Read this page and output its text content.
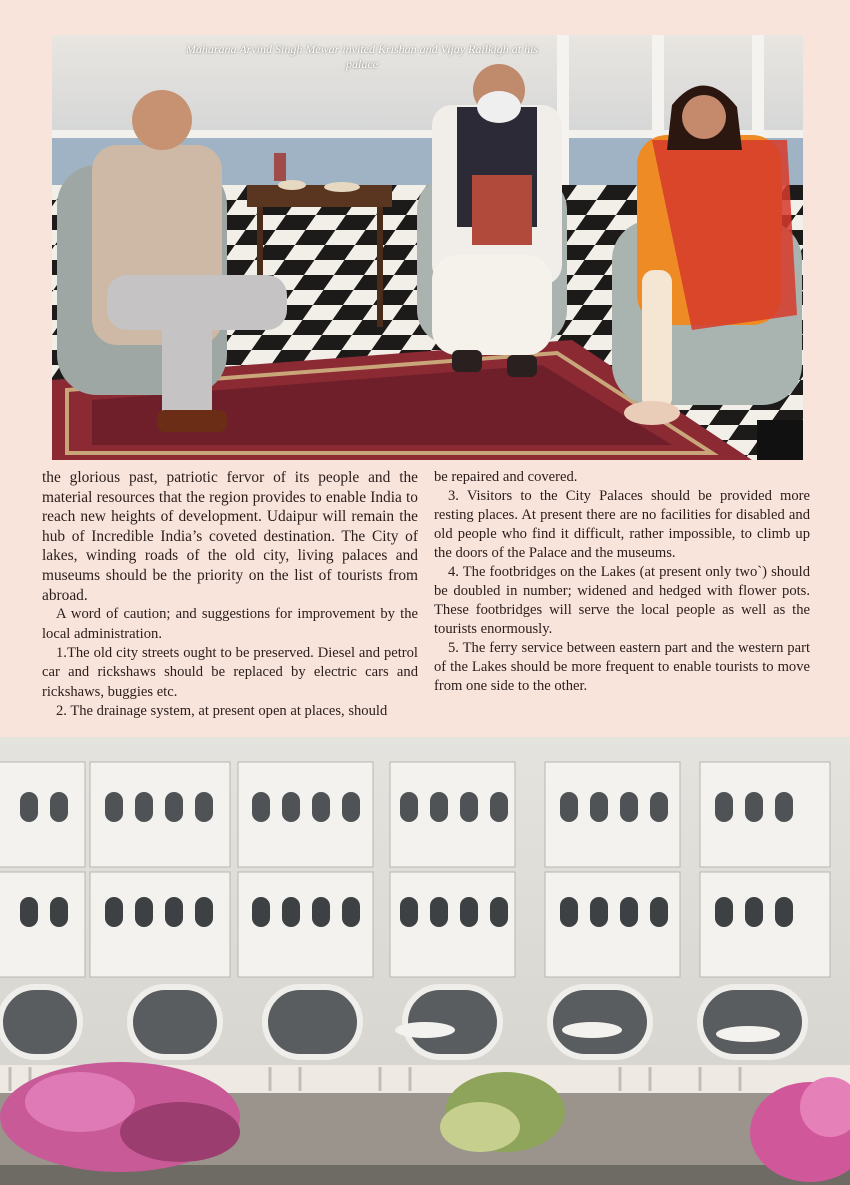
Maharana Arvind Singh Mewar invited Krishan and Vijay Railkigh at his palace

the glorious past, patriotic fervor of its people and the material resources that the region provides to enable India to reach new heights of development. Udaipur will remain the hub of Incredible India’s coveted destination. The City of lakes, winding roads of the old city, living palaces and museums should be the priority on the list of tourists from abroad.

A word of caution; and suggestions for improvement by the local administration.

1.The old city streets ought to be preserved. Diesel and petrol car and rickshaws should be replaced by electric cars and rickshaws, buggies etc.

2. The drainage system, at present open at places, should

be repaired and covered.

3. Visitors to the City Palaces should be provided more resting places. At present there are no facilities for disabled and old people who find it difficult, rather impossible, to climb up the doors of the Palace and the museums.

4. The footbridges on the Lakes (at present only two`) should be doubled in number; widened and hedged with flower pots. These footbridges will serve the local people as well as the tourists enormously.

5. The ferry service between eastern part and the western part of the Lakes should be more frequent to enable tourists to move from one side to the other.
